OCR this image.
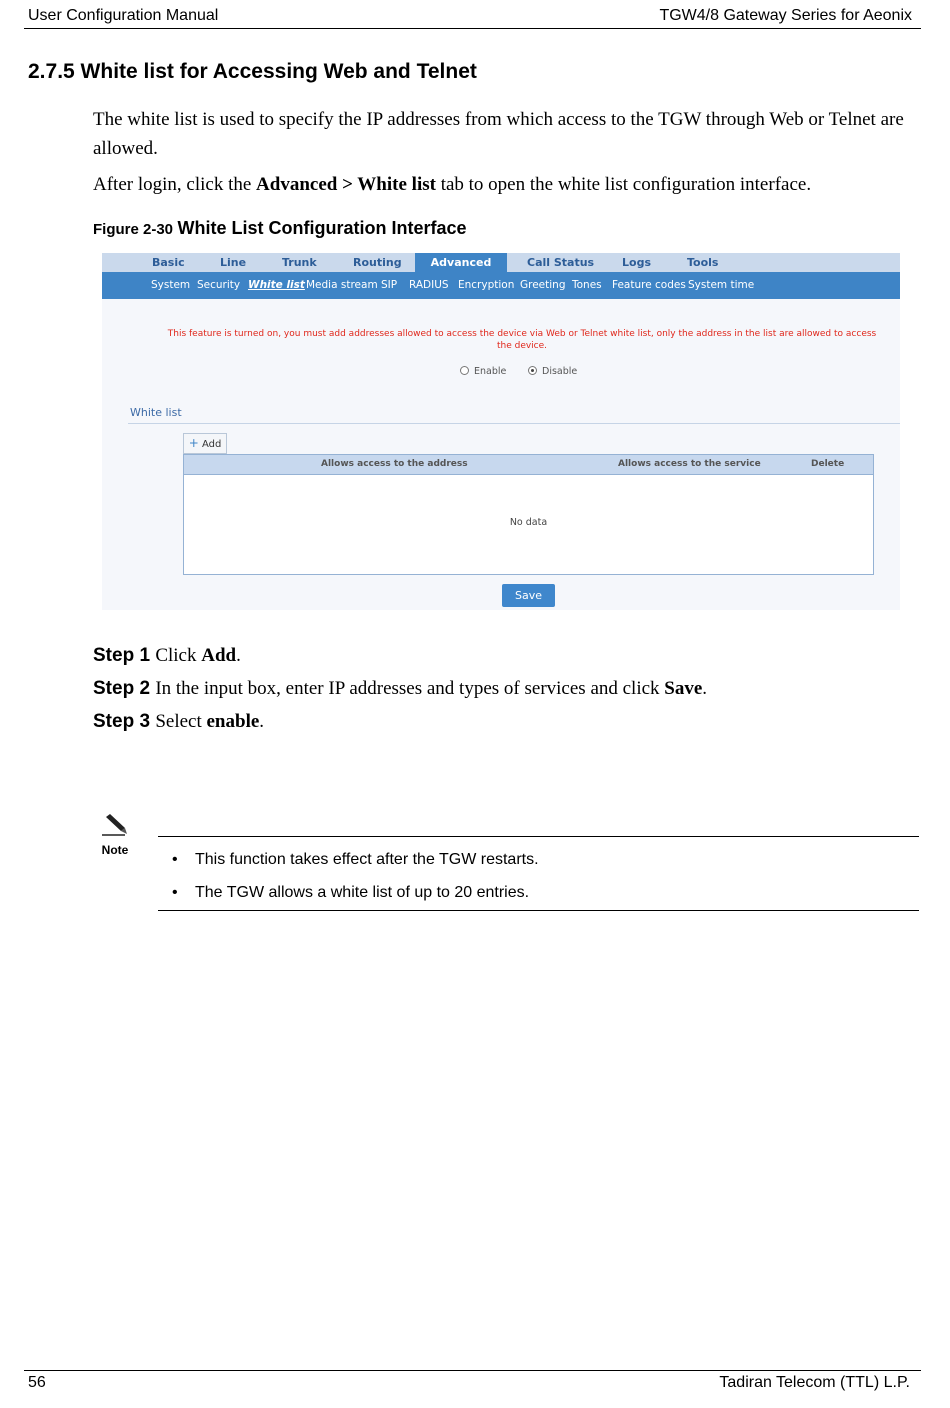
User Configuration Manual	TGW4/8 Gateway Series for Aeonix
2.7.5 White list for Accessing Web and Telnet
The white list is used to specify the IP addresses from which access to the TGW through Web or Telnet are allowed.
After login, click the Advanced > White list tab to open the white list configuration interface.
Figure 2-30 White List Configuration Interface
Basic	Line	Trunk	Routing	Advanced	Call Status	Logs	Tools
System Security White list Media stream SIP RADIUS Encryption Greeting Tones Feature codes System time
This feature is turned on, you must add addresses allowed to access the device via Web or Telnet white list, only the address in the list are allowed to access the device.
Enable	Disable
White list
+ Add
Allows access to the address	Allows access to the service	Delete
No data
Save
Step 1 Click Add.
Step 2 In the input box, enter IP addresses and types of services and click Save.
Step 3 Select enable.
Note
• This function takes effect after the TGW restarts.
• The TGW allows a white list of up to 20 entries.
56	Tadiran Telecom (TTL) L.P.
